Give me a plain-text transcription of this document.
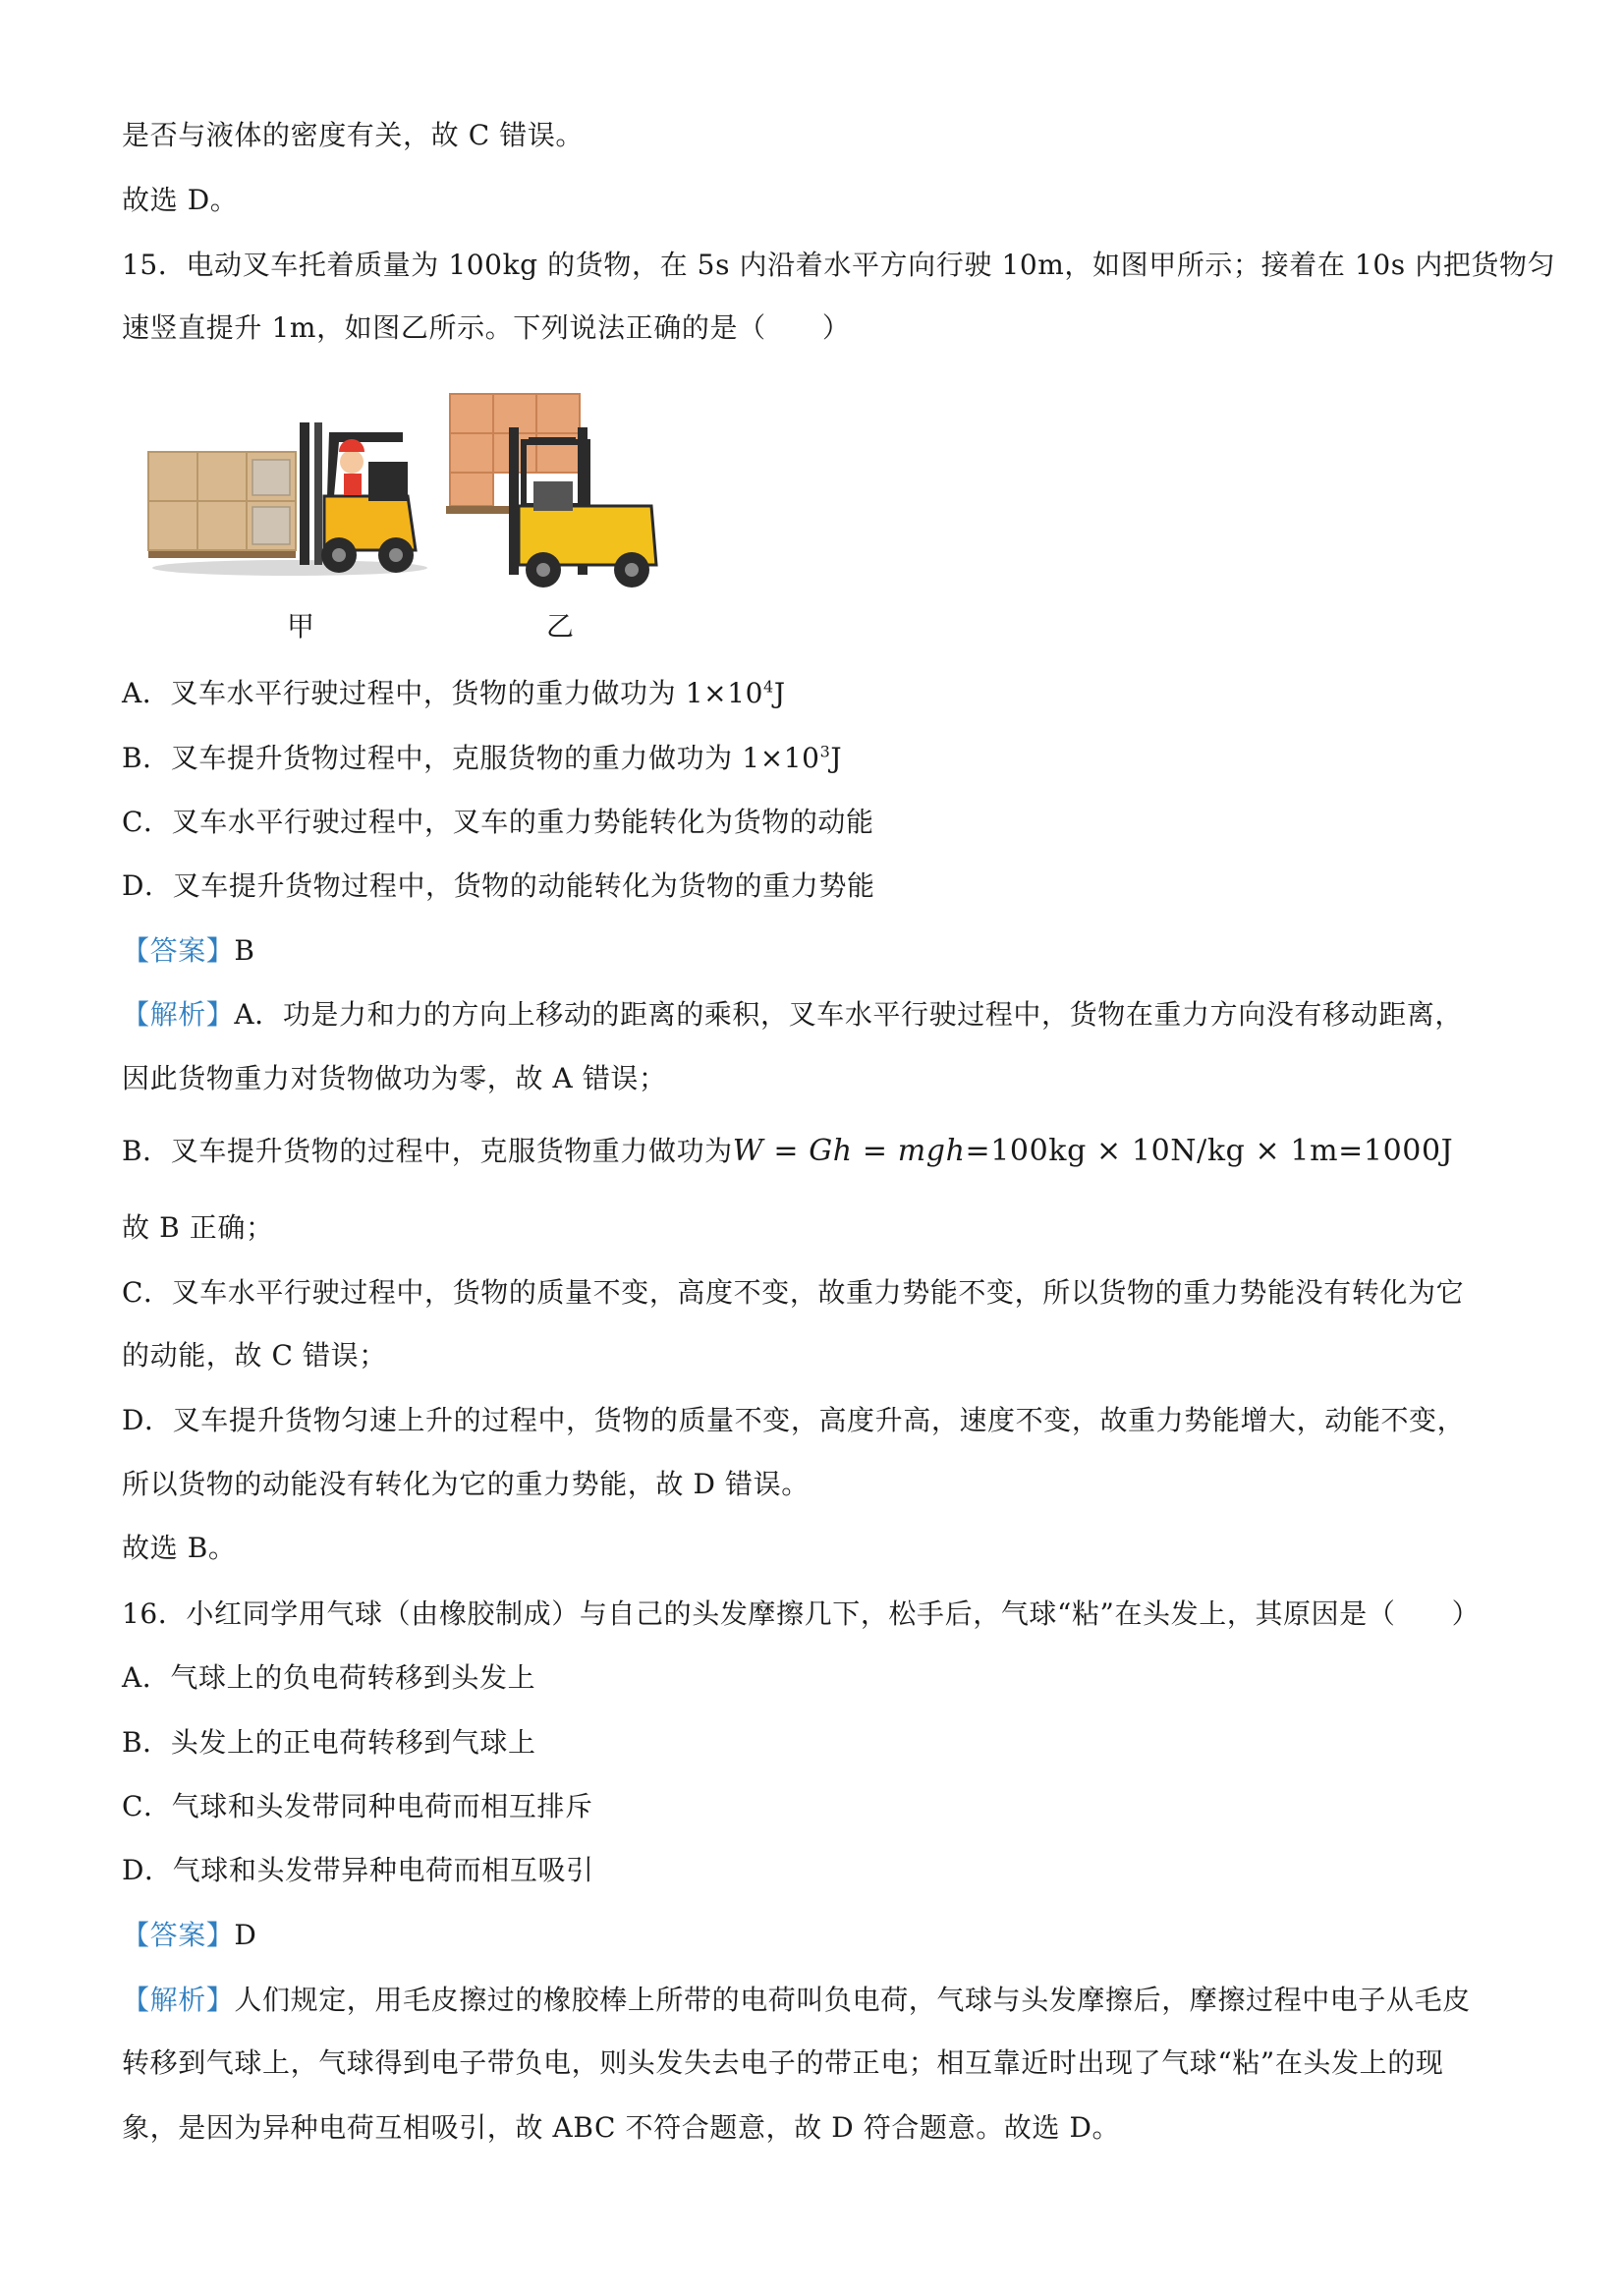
是否与液体的密度有关，故 C 错误。
故选 D。
15．电动叉车托着质量为 100kg 的货物，在 5s 内沿着水平方向行驶 10m，如图甲所示；接着在 10s 内把货物匀
速竖直提升 1m，如图乙所示。下列说法正确的是（　　）
甲	乙
A．叉车水平行驶过程中，货物的重力做功为 $1\times 10^4J$
B．叉车提升货物过程中，克服货物的重力做功为 $1\times 10^3J$
C．叉车水平行驶过程中，叉车的重力势能转化为货物的动能
D．叉车提升货物过程中，货物的动能转化为货物的重力势能
【答案】B
【解析】A．功是力和力的方向上移动的距离的乘积，叉车水平行驶过程中，货物在重力方向没有移动距离，
因此货物重力对货物做功为零，故 A 错误；
B．叉车提升货物的过程中，克服货物重力做功为W = Gh = mgh=100kg × 10N/kg × 1m=1000J
故 B 正确；
C．叉车水平行驶过程中，货物的质量不变，高度不变，故重力势能不变，所以货物的重力势能没有转化为它
的动能，故 C 错误；
D．叉车提升货物匀速上升的过程中，货物的质量不变，高度升高，速度不变，故重力势能增大，动能不变，
所以货物的动能没有转化为它的重力势能，故 D 错误。
故选 B。
16．小红同学用气球（由橡胶制成）与自己的头发摩擦几下，松手后，气球“粘”在头发上，其原因是（　　）
A．气球上的负电荷转移到头发上
B．头发上的正电荷转移到气球上
C．气球和头发带同种电荷而相互排斥
D．气球和头发带异种电荷而相互吸引
【答案】D
【解析】人们规定，用毛皮擦过的橡胶棒上所带的电荷叫负电荷，气球与头发摩擦后，摩擦过程中电子从毛皮
转移到气球上，气球得到电子带负电，则头发失去电子的带正电；相互靠近时出现了气球“粘”在头发上的现
象，是因为异种电荷互相吸引，故 ABC 不符合题意，故 D 符合题意。故选 D。
